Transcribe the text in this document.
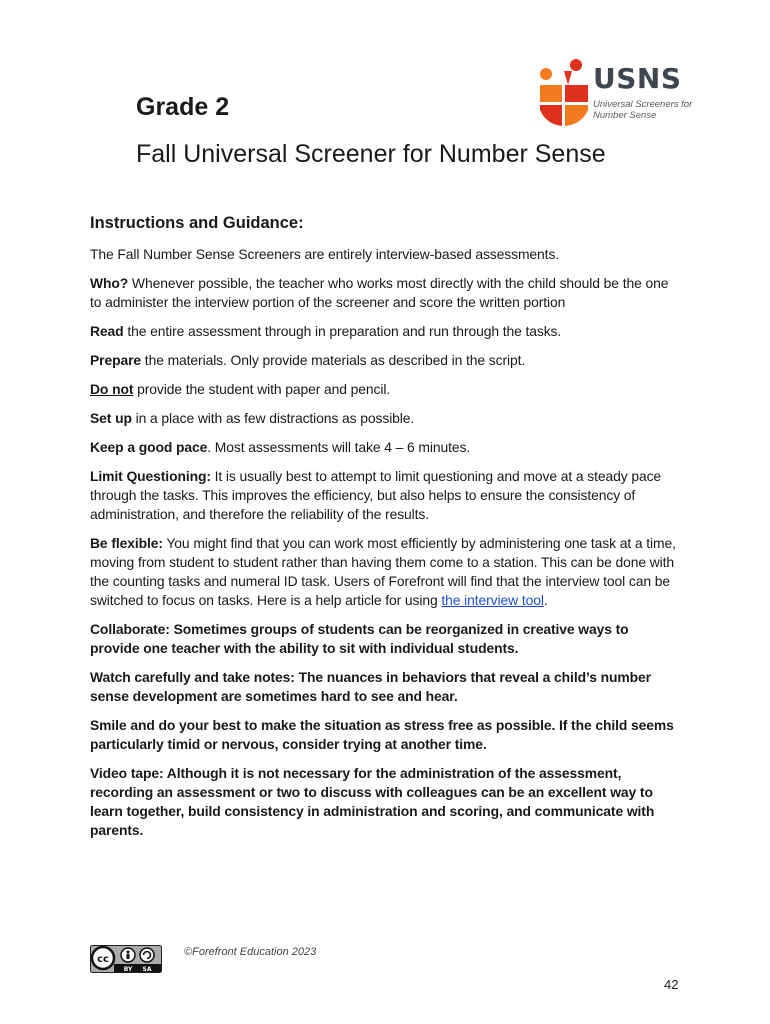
USNS
Universal Screeners for
Number Sense
Grade 2
Fall Universal Screener for Number Sense
Instructions and Guidance:

The Fall Number Sense Screeners are entirely interview-based assessments.

Who? Whenever possible, the teacher who works most directly with the child should be the one to administer the interview portion of the screener and score the written portion

Read the entire assessment through in preparation and run through the tasks.

Prepare the materials. Only provide materials as described in the script.

Do not provide the student with paper and pencil.

Set up in a place with as few distractions as possible.

Keep a good pace. Most assessments will take 4 – 6 minutes.

Limit Questioning: It is usually best to attempt to limit questioning and move at a steady pace through the tasks. This improves the efficiency, but also helps to ensure the consistency of administration, and therefore the reliability of the results.

Be flexible: You might find that you can work most efficiently by administering one task at a time, moving from student to student rather than having them come to a station. This can be done with the counting tasks and numeral ID task. Users of Forefront will find that the interview tool can be switched to focus on tasks. Here is a help article for using the interview tool.

Collaborate: Sometimes groups of students can be reorganized in creative ways to provide one teacher with the ability to sit with individual students.

Watch carefully and take notes: The nuances in behaviors that reveal a child’s number sense development are sometimes hard to see and hear.

Smile and do your best to make the situation as stress free as possible. If the child seems particularly timid or nervous, consider trying at another time.

Video tape: Although it is not necessary for the administration of the assessment, recording an assessment or two to discuss with colleagues can be an excellent way to learn together, build consistency in administration and scoring, and communicate with parents.

cc
BY SA
©Forefront Education 2023
42
